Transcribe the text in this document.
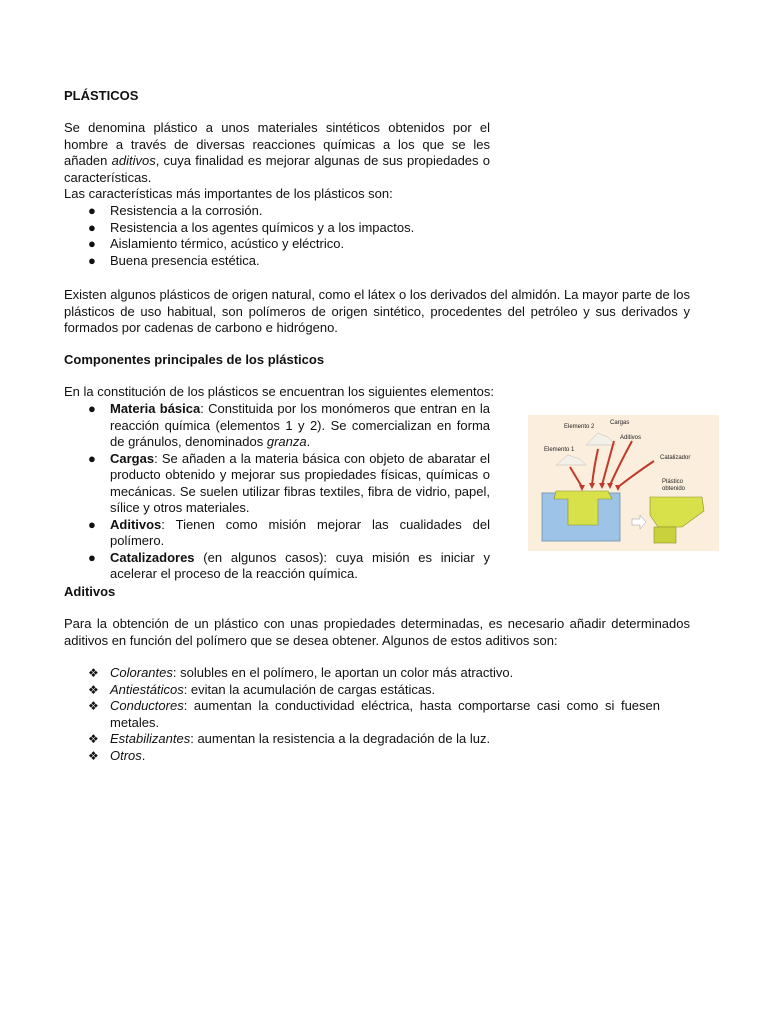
PLÁSTICOS

Se denomina plástico a unos materiales sintéticos obtenidos por el hombre a través de diversas reacciones químicas a los que se les añaden aditivos, cuya finalidad es mejorar algunas de sus propiedades o características.

Las características más importantes de los plásticos son:

● Resistencia a la corrosión.
● Resistencia a los agentes químicos y a los impactos.
● Aislamiento térmico, acústico y eléctrico.
● Buena presencia estética.

Existen algunos plásticos de origen natural, como el látex o los derivados del almidón. La mayor parte de los plásticos de uso habitual, son polímeros de origen sintético, procedentes del petróleo y sus derivados y formados por cadenas de carbono e hidrógeno.

Componentes principales de los plásticos

En la constitución de los plásticos se encuentran los siguientes elementos:

● Materia básica: Constituida por los monómeros que entran en la reacción química (elementos 1 y 2). Se comercializan en forma de gránulos, denominados granza.
● Cargas: Se añaden a la materia básica con objeto de abaratar el producto obtenido y mejorar sus propiedades físicas, químicas o mecánicas. Se suelen utilizar fibras textiles, fibra de vidrio, papel, sílice y otros materiales.
● Aditivos: Tienen como misión mejorar las cualidades del polímero.
● Catalizadores (en algunos casos): cuya misión es iniciar y acelerar el proceso de la reacción química.
Elemento 2
Cargas
Aditivos
Elemento 1
Catalizador
Plástico
obtenido

Aditivos

Para la obtención de un plástico con unas propiedades determinadas, es necesario añadir determinados aditivos en función del polímero que se desea obtener. Algunos de estos aditivos son:

❖ Colorantes: solubles en el polímero, le aportan un color más atractivo.
❖ Antiestáticos: evitan la acumulación de cargas estáticas.
❖ Conductores: aumentan la conductividad eléctrica, hasta comportarse casi como si fuesen metales.
❖ Estabilizantes: aumentan la resistencia a la degradación de la luz.
❖ Otros.
